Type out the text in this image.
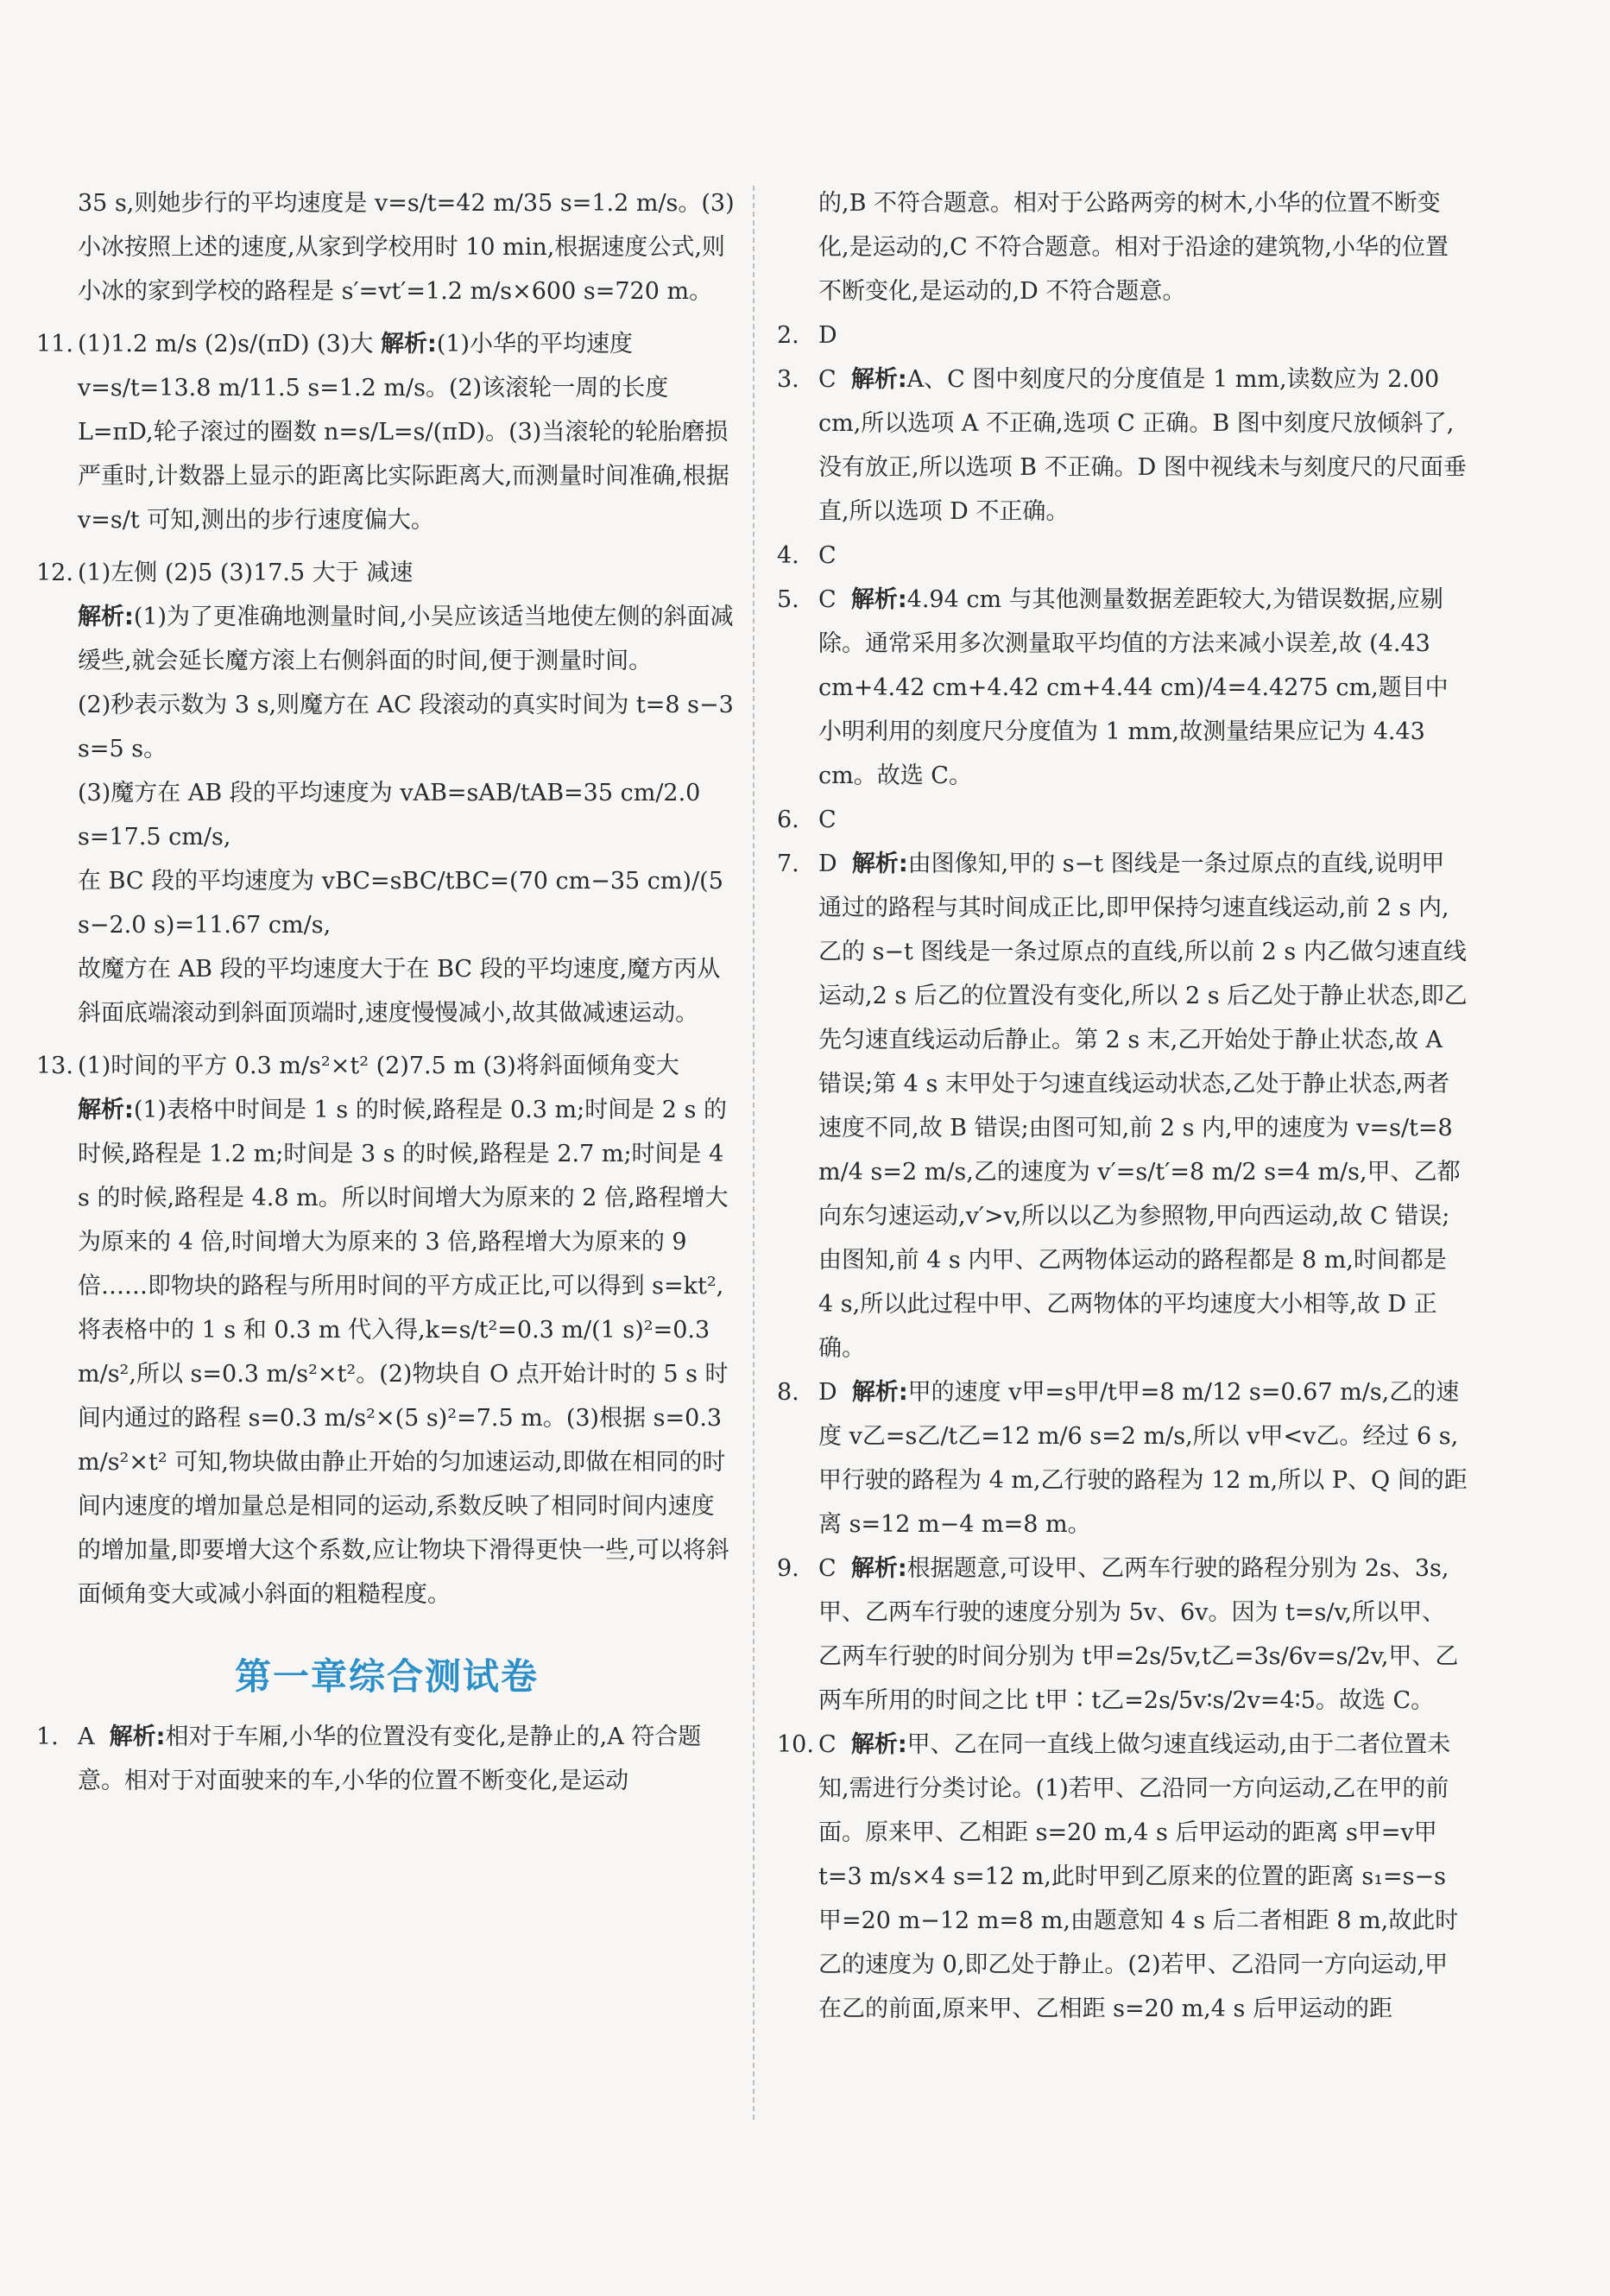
35 s,则她步行的平均速度是 v=s/t=42 m/35 s=1.2 m/s。(3)小冰按照上述的速度,从家到学校用时 10 min,根据速度公式,则小冰的家到学校的路程是 s′=vt′=1.2 m/s×600 s=720 m。

11. (1)1.2 m/s (2)s/(πD) (3)大 解析:(1)小华的平均速度 v=s/t=13.8 m/11.5 s=1.2 m/s。(2)该滚轮一周的长度 L=πD,轮子滚过的圈数 n=s/L=s/(πD)。(3)当滚轮的轮胎磨损严重时,计数器上显示的距离比实际距离大,而测量时间准确,根据 v=s/t 可知,测出的步行速度偏大。
12. (1)左侧 (2)5 (3)17.5 大于 减速

解析:(1)为了更准确地测量时间,小吴应该适当地使左侧的斜面减缓些,就会延长魔方滚上右侧斜面的时间,便于测量时间。

(2)秒表示数为 3 s,则魔方在 AC 段滚动的真实时间为 t=8 s−3 s=5 s。

(3)魔方在 AB 段的平均速度为 vAB=sAB/tAB=35 cm/2.0 s=17.5 cm/s,

在 BC 段的平均速度为 vBC=sBC/tBC=(70 cm−35 cm)/(5 s−2.0 s)=11.67 cm/s,

故魔方在 AB 段的平均速度大于在 BC 段的平均速度,魔方丙从斜面底端滚动到斜面顶端时,速度慢慢减小,故其做减速运动。

13. (1)时间的平方 0.3 m/s²×t² (2)7.5 m (3)将斜面倾角变大

解析:(1)表格中时间是 1 s 的时候,路程是 0.3 m;时间是 2 s 的时候,路程是 1.2 m;时间是 3 s 的时候,路程是 2.7 m;时间是 4 s 的时候,路程是 4.8 m。所以时间增大为原来的 2 倍,路程增大为原来的 4 倍,时间增大为原来的 3 倍,路程增大为原来的 9 倍……即物块的路程与所用时间的平方成正比,可以得到 s=kt²,将表格中的 1 s 和 0.3 m 代入得,k=s/t²=0.3 m/(1 s)²=0.3 m/s²,所以 s=0.3 m/s²×t²。(2)物块自 O 点开始计时的 5 s 时间内通过的路程 s=0.3 m/s²×(5 s)²=7.5 m。(3)根据 s=0.3 m/s²×t² 可知,物块做由静止开始的匀加速运动,即做在相同的时间内速度的增加量总是相同的运动,系数反映了相同时间内速度的增加量,即要增大这个系数,应让物块下滑得更快一些,可以将斜面倾角变大或减小斜面的粗糙程度。

第一章综合测试卷
1. A 解析:相对于车厢,小华的位置没有变化,是静止的,A 符合题意。相对于对面驶来的车,小华的位置不断变化,是运动

的,B 不符合题意。相对于公路两旁的树木,小华的位置不断变化,是运动的,C 不符合题意。相对于沿途的建筑物,小华的位置不断变化,是运动的,D 不符合题意。

2. D
3. C 解析:A、C 图中刻度尺的分度值是 1 mm,读数应为 2.00 cm,所以选项 A 不正确,选项 C 正确。B 图中刻度尺放倾斜了,没有放正,所以选项 B 不正确。D 图中视线未与刻度尺的尺面垂直,所以选项 D 不正确。
4. C
5. C 解析:4.94 cm 与其他测量数据差距较大,为错误数据,应剔除。通常采用多次测量取平均值的方法来减小误差,故 (4.43 cm+4.42 cm+4.42 cm+4.44 cm)/4=4.4275 cm,题目中小明利用的刻度尺分度值为 1 mm,故测量结果应记为 4.43 cm。故选 C。
6. C
7. D 解析:由图像知,甲的 s−t 图线是一条过原点的直线,说明甲通过的路程与其时间成正比,即甲保持匀速直线运动,前 2 s 内,乙的 s−t 图线是一条过原点的直线,所以前 2 s 内乙做匀速直线运动,2 s 后乙的位置没有变化,所以 2 s 后乙处于静止状态,即乙先匀速直线运动后静止。第 2 s 末,乙开始处于静止状态,故 A 错误;第 4 s 末甲处于匀速直线运动状态,乙处于静止状态,两者速度不同,故 B 错误;由图可知,前 2 s 内,甲的速度为 v=s/t=8 m/4 s=2 m/s,乙的速度为 v′=s/t′=8 m/2 s=4 m/s,甲、乙都向东匀速运动,v′>v,所以以乙为参照物,甲向西运动,故 C 错误;由图知,前 4 s 内甲、乙两物体运动的路程都是 8 m,时间都是 4 s,所以此过程中甲、乙两物体的平均速度大小相等,故 D 正确。
8. D 解析:甲的速度 v甲=s甲/t甲=8 m/12 s=0.67 m/s,乙的速度 v乙=s乙/t乙=12 m/6 s=2 m/s,所以 v甲<v乙。经过 6 s,甲行驶的路程为 4 m,乙行驶的路程为 12 m,所以 P、Q 间的距离 s=12 m−4 m=8 m。
9. C 解析:根据题意,可设甲、乙两车行驶的路程分别为 2s、3s,甲、乙两车行驶的速度分别为 5v、6v。因为 t=s/v,所以甲、乙两车行驶的时间分别为 t甲=2s/5v,t乙=3s/6v=s/2v,甲、乙两车所用的时间之比 t甲∶t乙=2s/5v∶s/2v=4∶5。故选 C。
10. C 解析:甲、乙在同一直线上做匀速直线运动,由于二者位置未知,需进行分类讨论。(1)若甲、乙沿同一方向运动,乙在甲的前面。原来甲、乙相距 s=20 m,4 s 后甲运动的距离 s甲=v甲t=3 m/s×4 s=12 m,此时甲到乙原来的位置的距离 s₁=s−s甲=20 m−12 m=8 m,由题意知 4 s 后二者相距 8 m,故此时乙的速度为 0,即乙处于静止。(2)若甲、乙沿同一方向运动,甲在乙的前面,原来甲、乙相距 s=20 m,4 s 后甲运动的距
